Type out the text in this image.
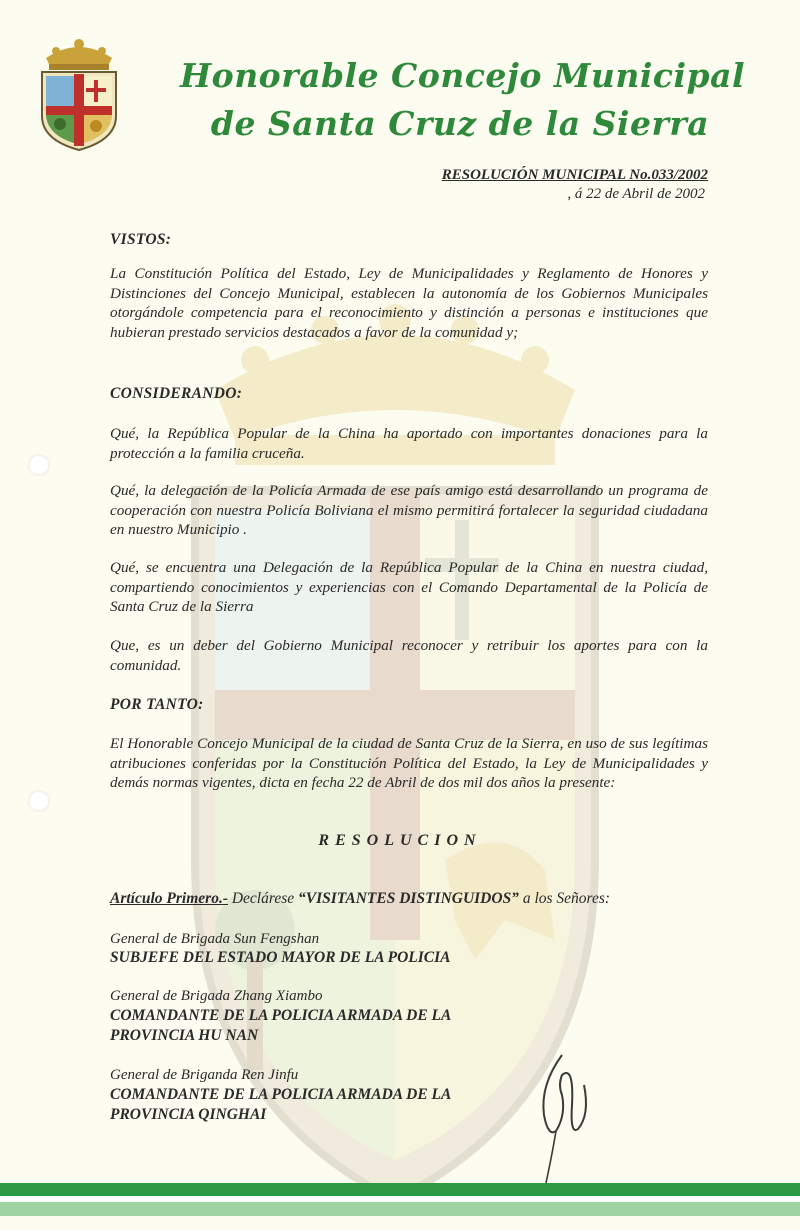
Honorable Concejo Municipal
de Santa Cruz de la Sierra
RESOLUCIÓN MUNICIPAL No.033/2002
, á 22 de Abril de 2002
VISTOS:
La Constitución Política del Estado, Ley de Municipalidades y Reglamento de Honores y Distinciones del Concejo Municipal, establecen la autonomía de los Gobiernos Municipales otorgándole competencia para el reconocimiento y distinción a personas e instituciones que hubieran prestado servicios destacados a favor de la comunidad y;
CONSIDERANDO:
Qué, la República Popular de la China ha aportado con importantes donaciones para la protección a la familia cruceña.
Qué, la delegación de la Policía Armada de ese país amigo está desarrollando un programa de cooperación con nuestra Policía Boliviana el mismo permitirá fortalecer la seguridad ciudadana en nuestro Municipio .
Qué, se encuentra una Delegación de la República Popular de la China en nuestra ciudad, compartiendo conocimientos y experiencias con el Comando Departamental de la Policía de Santa Cruz de la Sierra
Que, es un deber del Gobierno Municipal reconocer y retribuir los aportes para con la comunidad.
POR TANTO:
El Honorable Concejo Municipal de la ciudad de Santa Cruz de la Sierra, en uso de sus legítimas atribuciones conferidas por la Constitución Política del Estado, la Ley de Municipalidades y demás normas vigentes, dicta en fecha 22 de Abril de dos mil dos años la presente:
RESOLUCION
Artículo Primero.- Declárese “VISITANTES DISTINGUIDOS” a los Señores:
General de Brigada Sun Fengshan
SUBJEFE DEL ESTADO MAYOR DE LA POLICIA
General de Brigada Zhang Xiambo
COMANDANTE DE LA POLICIA ARMADA DE LA PROVINCIA HU NAN
General de Briganda Ren Jinfu
COMANDANTE DE LA POLICIA ARMADA DE LA PROVINCIA QINGHAI
